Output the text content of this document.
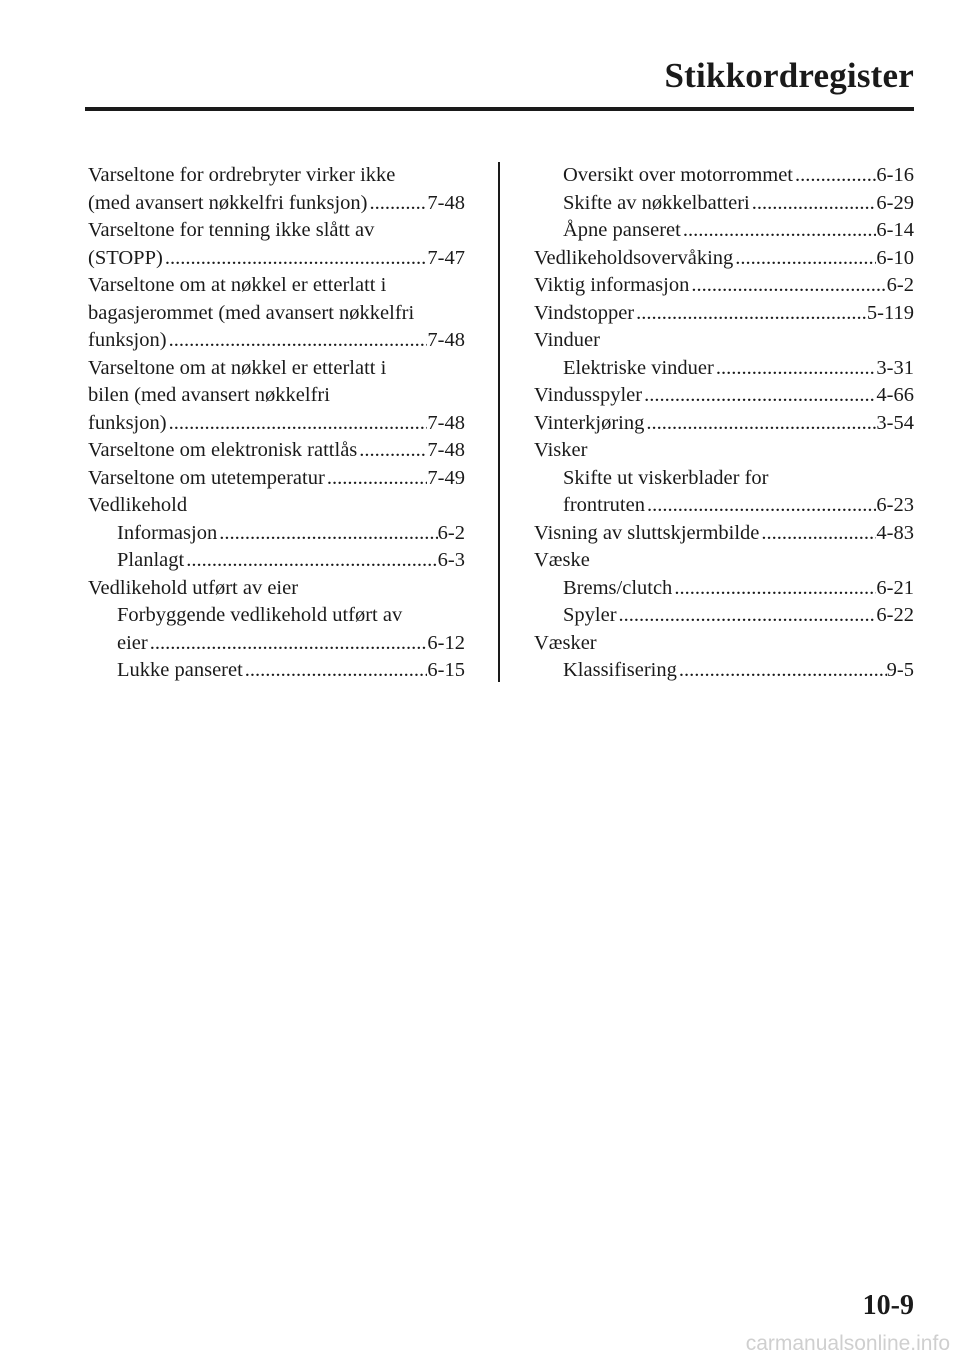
Stikkordregister
Varseltone for ordrebryter virker ikke
(med avansert nøkkelfri funksjon) .....	7-48
Varseltone for tenning ikke slått av
(STOPP) .....	7-47
Varseltone om at nøkkel er etterlatt i
bagasjerommet (med avansert nøkkelfri
funksjon) .....	7-48
Varseltone om at nøkkel er etterlatt i
bilen (med avansert nøkkelfri
funksjon) .....	7-48
Varseltone om elektronisk rattlås .....	7-48
Varseltone om utetemperatur .....	7-49
Vedlikehold
Informasjon .....	6-2
Planlagt .....	6-3
Vedlikehold utført av eier
Forbyggende vedlikehold utført av
eier .....	6-12
Lukke panseret .....	6-15
Oversikt over motorrommet .....	6-16
Skifte av nøkkelbatteri .....	6-29
Åpne panseret .....	6-14
Vedlikeholdsovervåking .....	6-10
Viktig informasjon .....	6-2
Vindstopper .....	5-119
Vinduer
Elektriske vinduer .....	3-31
Vindusspyler .....	4-66
Vinterkjøring .....	3-54
Visker
Skifte ut viskerblader for
frontruten .....	6-23
Visning av sluttskjermbilde .....	4-83
Væske
Brems/clutch .....	6-21
Spyler .....	6-22
Væsker
Klassifisering .....	9-5
10-9
carmanualsonline.info
